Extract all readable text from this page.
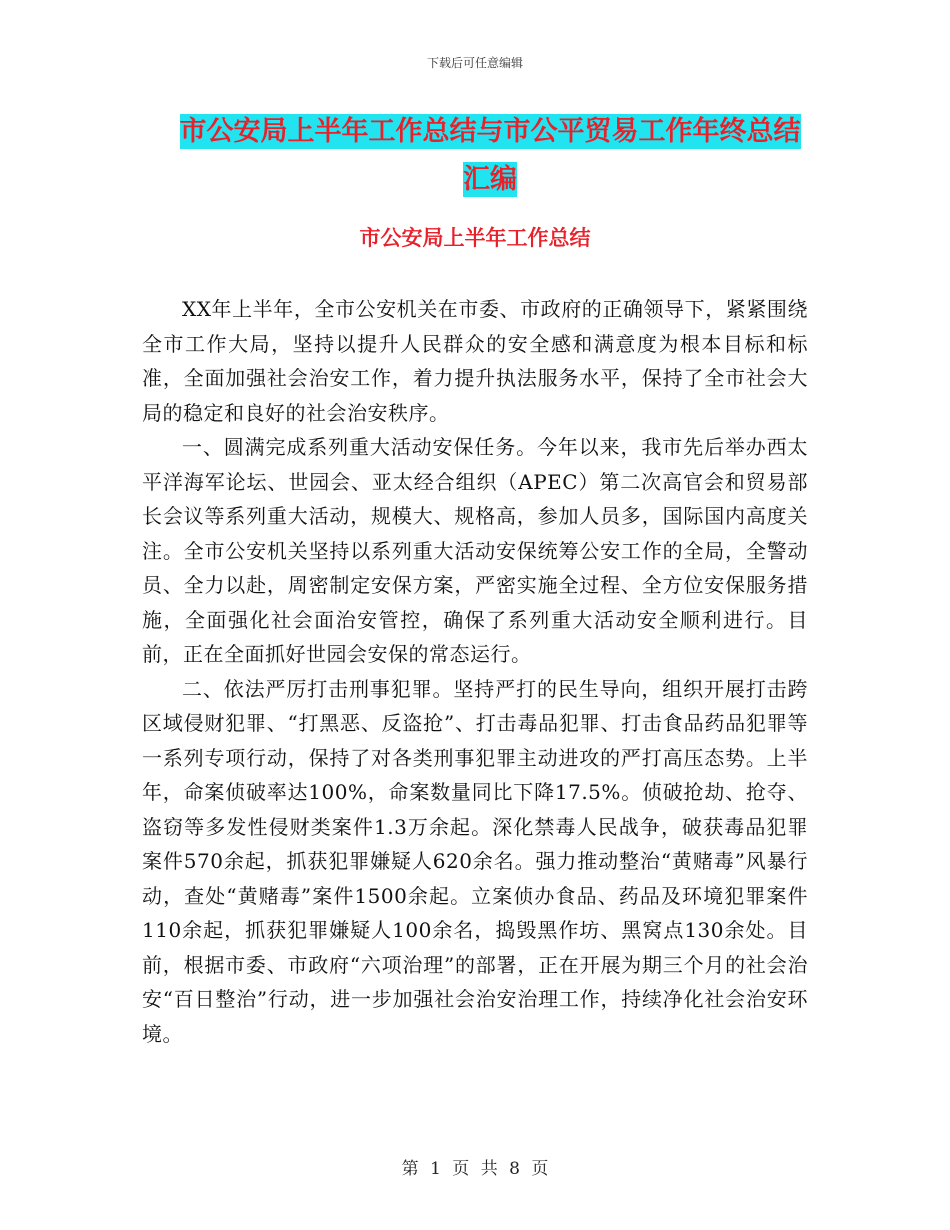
下载后可任意编辑
市公安局上半年工作总结与市公平贸易工作年终总结
汇编
市公安局上半年工作总结

XX年上半年，全市公安机关在市委、市政府的正确领导下，紧紧围绕全市工作大局，坚持以提升人民群众的安全感和满意度为根本目标和标准，全面加强社会治安工作，着力提升执法服务水平，保持了全市社会大局的稳定和良好的社会治安秩序。

一、圆满完成系列重大活动安保任务。今年以来，我市先后举办西太平洋海军论坛、世园会、亚太经合组织（APEC）第二次高官会和贸易部长会议等系列重大活动，规模大、规格高，参加人员多，国际国内高度关注。全市公安机关坚持以系列重大活动安保统筹公安工作的全局，全警动员、全力以赴，周密制定安保方案，严密实施全过程、全方位安保服务措施，全面强化社会面治安管控，确保了系列重大活动安全顺利进行。目前，正在全面抓好世园会安保的常态运行。

二、依法严厉打击刑事犯罪。坚持严打的民生导向，组织开展打击跨区域侵财犯罪、“打黑恶、反盗抢”、打击毒品犯罪、打击食品药品犯罪等一系列专项行动，保持了对各类刑事犯罪主动进攻的严打高压态势。上半年，命案侦破率达100%，命案数量同比下降17.5%。侦破抢劫、抢夺、盗窃等多发性侵财类案件1.3万余起。深化禁毒人民战争，破获毒品犯罪案件570余起，抓获犯罪嫌疑人620余名。强力推动整治“黄赌毒”风暴行动，查处“黄赌毒”案件1500余起。立案侦办食品、药品及环境犯罪案件110余起，抓获犯罪嫌疑人100余名，捣毁黑作坊、黑窝点130余处。目前，根据市委、市政府“六项治理”的部署，正在开展为期三个月的社会治安“百日整治”行动，进一步加强社会治安治理工作，持续净化社会治安环境。

第 1 页 共 8 页
